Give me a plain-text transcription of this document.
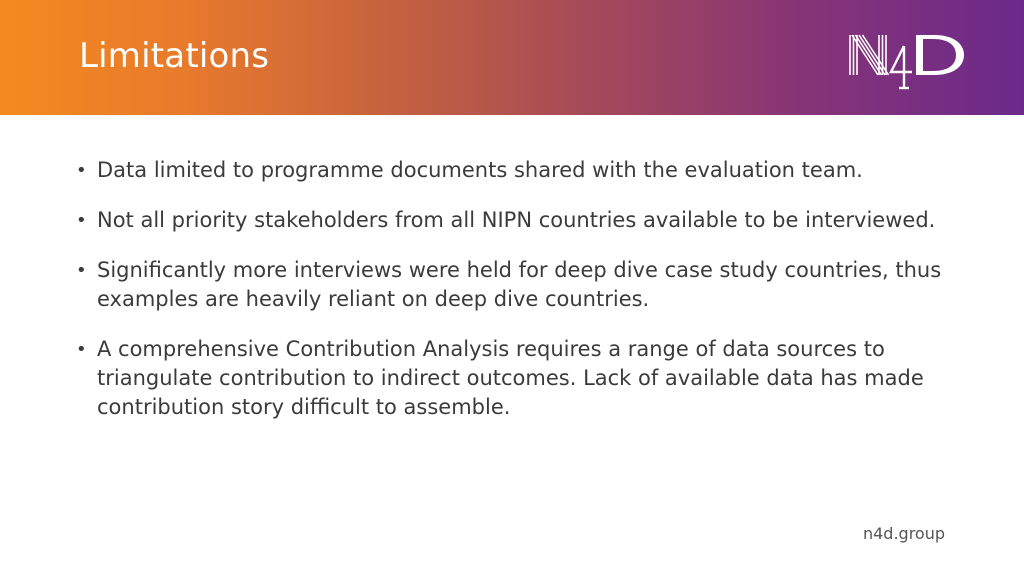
Limitations
• Data limited to programme documents shared with the evaluation team.
• Not all priority stakeholders from all NIPN countries available to be interviewed.
• Significantly more interviews were held for deep dive case study countries, thus examples are heavily reliant on deep dive countries.
• A comprehensive Contribution Analysis requires a range of data sources to triangulate contribution to indirect outcomes. Lack of available data has made contribution story difficult to assemble.
n4d.group
